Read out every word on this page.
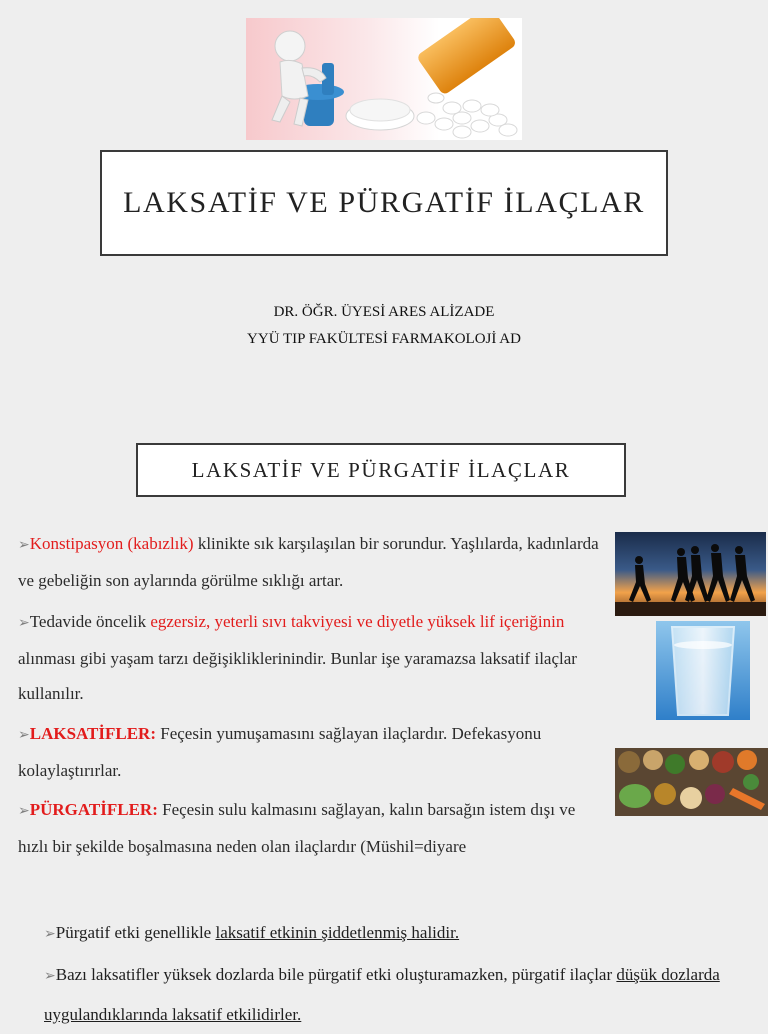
LAKSATİF VE PÜRGATİF İLAÇLAR
DR. ÖĞR. ÜYESİ ARES ALİZADE
YYÜ TIP FAKÜLTESİ FARMAKOLOJİ AD
LAKSATİF VE PÜRGATİF İLAÇLAR
➢Konstipasyon (kabızlık) klinikte sık karşılaşılan bir sorundur. Yaşlılarda, kadınlarda ve gebeliğin son aylarında görülme sıklığı artar.
➢Tedavide öncelik egzersiz, yeterli sıvı takviyesi ve diyetle yüksek lif içeriğinin alınması gibi yaşam tarzı değişikliklerinindir. Bunlar işe yaramazsa laksatif ilaçlar kullanılır.
➢LAKSATİFLER: Feçesin yumuşamasını sağlayan ilaçlardır. Defekasyonu kolaylaştırırlar.
➢PÜRGATİFLER: Feçesin sulu kalmasını sağlayan, kalın barsağın istem dışı ve hızlı bir şekilde boşalmasına neden olan ilaçlardır (Müshil=diyare
➢Pürgatif etki genellikle laksatif etkinin şiddetlenmiş halidir.
➢Bazı laksatifler yüksek dozlarda bile pürgatif etki oluşturamazken, pürgatif ilaçlar düşük dozlarda uygulandıklarında laksatif etkilidirler.
